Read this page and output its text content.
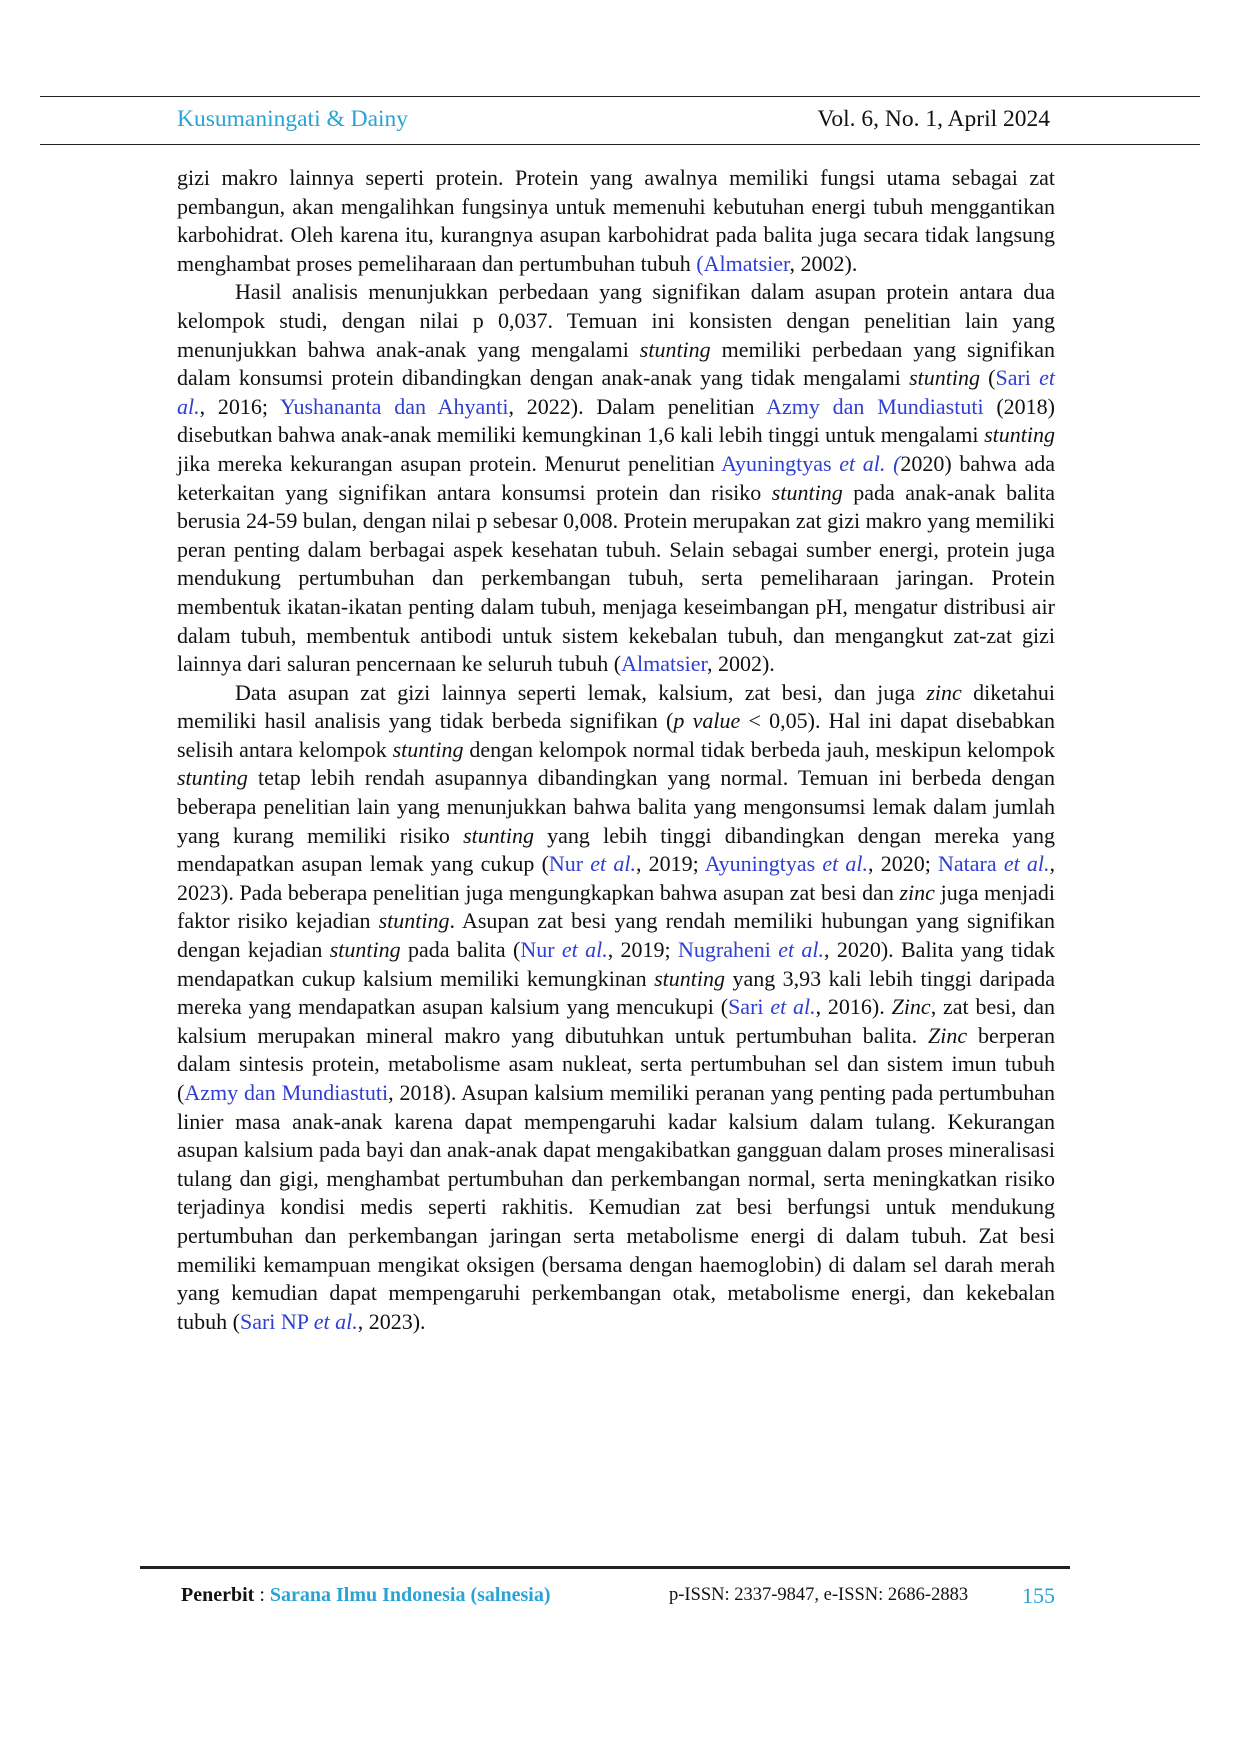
Kusumaningati & Dainy	Vol. 6, No. 1, April 2024

gizi makro lainnya seperti protein. Protein yang awalnya memiliki fungsi utama sebagai zat pembangun, akan mengalihkan fungsinya untuk memenuhi kebutuhan energi tubuh menggantikan karbohidrat. Oleh karena itu, kurangnya asupan karbohidrat pada balita juga secara tidak langsung menghambat proses pemeliharaan dan pertumbuhan tubuh (Almatsier, 2002).

Hasil analisis menunjukkan perbedaan yang signifikan dalam asupan protein antara dua kelompok studi, dengan nilai p 0,037. Temuan ini konsisten dengan penelitian lain yang menunjukkan bahwa anak-anak yang mengalami stunting memiliki perbedaan yang signifikan dalam konsumsi protein dibandingkan dengan anak-anak yang tidak mengalami stunting (Sari et al., 2016; Yushananta dan Ahyanti, 2022). Dalam penelitian Azmy dan Mundiastuti (2018) disebutkan bahwa anak-anak memiliki kemungkinan 1,6 kali lebih tinggi untuk mengalami stunting jika mereka kekurangan asupan protein. Menurut penelitian Ayuningtyas et al. (2020) bahwa ada keterkaitan yang signifikan antara konsumsi protein dan risiko stunting pada anak-anak balita berusia 24-59 bulan, dengan nilai p sebesar 0,008. Protein merupakan zat gizi makro yang memiliki peran penting dalam berbagai aspek kesehatan tubuh. Selain sebagai sumber energi, protein juga mendukung pertumbuhan dan perkembangan tubuh, serta pemeliharaan jaringan. Protein membentuk ikatan-ikatan penting dalam tubuh, menjaga keseimbangan pH, mengatur distribusi air dalam tubuh, membentuk antibodi untuk sistem kekebalan tubuh, dan mengangkut zat-zat gizi lainnya dari saluran pencernaan ke seluruh tubuh (Almatsier, 2002).

Data asupan zat gizi lainnya seperti lemak, kalsium, zat besi, dan juga zinc diketahui memiliki hasil analisis yang tidak berbeda signifikan (p value < 0,05). Hal ini dapat disebabkan selisih antara kelompok stunting dengan kelompok normal tidak berbeda jauh, meskipun kelompok stunting tetap lebih rendah asupannya dibandingkan yang normal. Temuan ini berbeda dengan beberapa penelitian lain yang menunjukkan bahwa balita yang mengonsumsi lemak dalam jumlah yang kurang memiliki risiko stunting yang lebih tinggi dibandingkan dengan mereka yang mendapatkan asupan lemak yang cukup (Nur et al., 2019; Ayuningtyas et al., 2020; Natara et al., 2023). Pada beberapa penelitian juga mengungkapkan bahwa asupan zat besi dan zinc juga menjadi faktor risiko kejadian stunting. Asupan zat besi yang rendah memiliki hubungan yang signifikan dengan kejadian stunting pada balita (Nur et al., 2019; Nugraheni et al., 2020). Balita yang tidak mendapatkan cukup kalsium memiliki kemungkinan stunting yang 3,93 kali lebih tinggi daripada mereka yang mendapatkan asupan kalsium yang mencukupi (Sari et al., 2016). Zinc, zat besi, dan kalsium merupakan mineral makro yang dibutuhkan untuk pertumbuhan balita. Zinc berperan dalam sintesis protein, metabolisme asam nukleat, serta pertumbuhan sel dan sistem imun tubuh (Azmy dan Mundiastuti, 2018). Asupan kalsium memiliki peranan yang penting pada pertumbuhan linier masa anak-anak karena dapat mempengaruhi kadar kalsium dalam tulang. Kekurangan asupan kalsium pada bayi dan anak-anak dapat mengakibatkan gangguan dalam proses mineralisasi tulang dan gigi, menghambat pertumbuhan dan perkembangan normal, serta meningkatkan risiko terjadinya kondisi medis seperti rakhitis. Kemudian zat besi berfungsi untuk mendukung pertumbuhan dan perkembangan jaringan serta metabolisme energi di dalam tubuh. Zat besi memiliki kemampuan mengikat oksigen (bersama dengan haemoglobin) di dalam sel darah merah yang kemudian dapat mempengaruhi perkembangan otak, metabolisme energi, dan kekebalan tubuh (Sari NP et al., 2023).

Penerbit : Sarana Ilmu Indonesia (salnesia)	p-ISSN: 2337-9847, e-ISSN: 2686-2883 155
